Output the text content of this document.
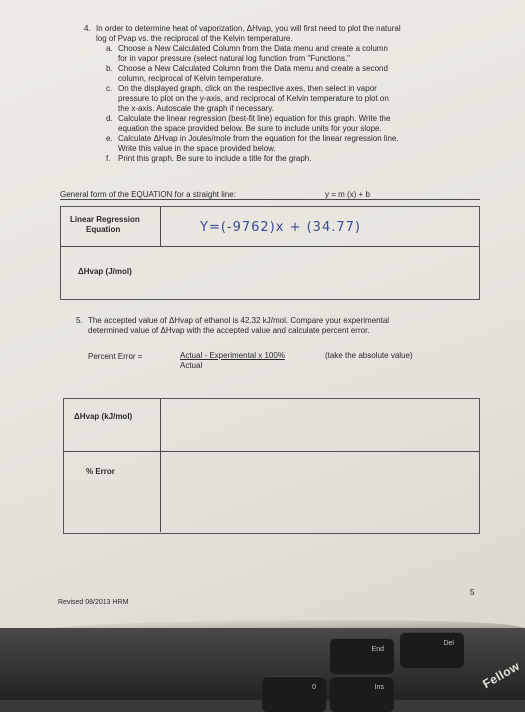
4. In order to determine heat of vaporization, ΔHvap, you will first need to plot the natural
log of Pvap vs. the reciprocal of the Kelvin temperature.
a. Choose a New Calculated Column from the Data menu and create a column
for in vapor pressure (select natural log function from "Functions."
b. Choose a New Calculated Column from the Data menu and create a second
column, reciprocal of Kelvin temperature.
c. On the displayed graph, click on the respective axes, then select in vapor
pressure to plot on the y-axis, and reciprocal of Kelvin temperature to plot on
the x-axis. Autoscale the graph if necessary.
d. Calculate the linear regression (best-fit line) equation for this graph. Write the
equation the space provided below. Be sure to include units for your slope.
e. Calculate ΔHvap in Joules/mole from the equation for the linear regression line.
Write this value in the space provided below.
f. Print this graph. Be sure to include a title for the graph.
General form of the EQUATION for a straight line:	y = m (x) + b
Linear Regression
Equation	Y=(-9762)x + (34.77)
ΔHvap (J/mol)
5. The accepted value of ΔHvap of ethanol is 42.32 kJ/mol. Compare your experimental
determined value of ΔHvap with the accepted value and calculate percent error.
Percent Error =	Actual - Experimental x 100%
Actual
(take the absolute value)
ΔHvap (kJ/mol)
% Error
Revised 08/2013 HRM
5
End
Del
Ins
0	Fellow
